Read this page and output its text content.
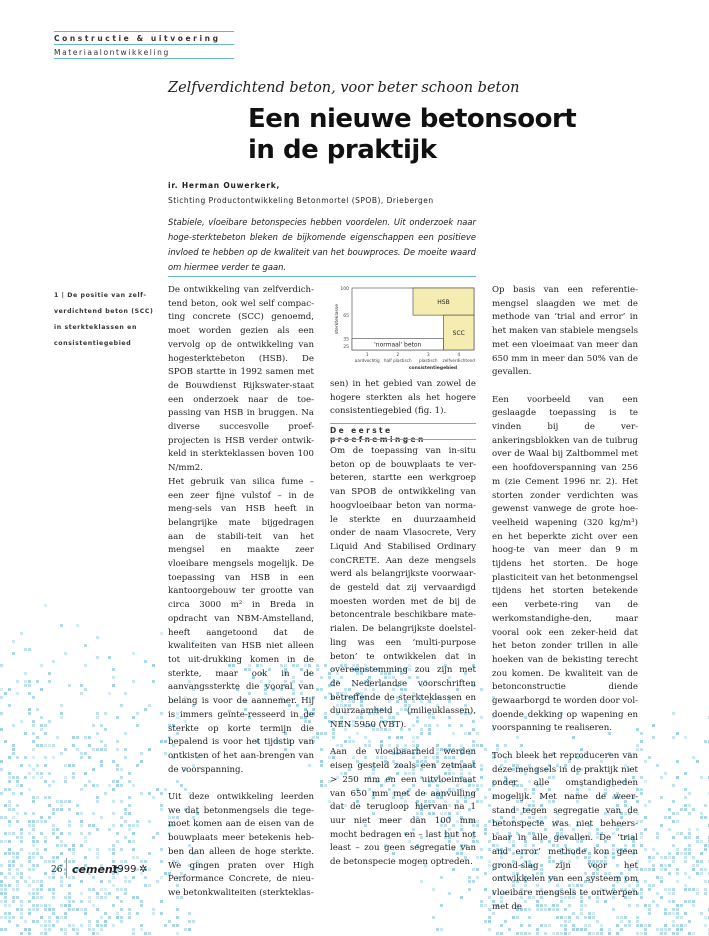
Constructie & uitvoering
Materiaalontwikkeling
Zelfverdichtend beton, voor beter schoon beton
Een nieuwe betonsoort
in de praktijk
ir. Herman Ouwerkerk,
Stichting Productontwikkeling Betonmortel (SPOB), Driebergen
Stabiele, vloeibare betonspecies hebben voordelen. Uit onderzoek naar hoge-sterktebeton bleken de bijkomende eigenschappen een positieve invloed te hebben op de kwaliteit van het bouwproces. De moeite waard om hiermee verder te gaan.
1 | De positie van zelf-verdichtend beton (SCC) in sterkteklassen en consistentiegebied

De ontwikkeling van zelfverdich-tend beton, ook wel self compac-ting concrete (SCC) genoemd, moet worden gezien als een vervolg op de ontwikkeling van hogesterktebeton (HSB). De SPOB startte in 1992 samen met de Bouwdienst Rijkswater-staat een onderzoek naar de toe-passing van HSB in bruggen. Na diverse succesvolle proef-projecten is HSB verder ontwik-keld in sterkteklassen boven 100 N/mm2.

Het gebruik van silica fume – een zeer fijne vulstof – in de meng-sels van HSB heeft in belangrijke mate bijgedragen aan de stabili-teit van het mengsel en maakte zeer vloeibare mengsels mogelijk. De toepassing van HSB in een kantoorgebouw ter grootte van circa 3000 m² in Breda in opdracht van NBM-Amstelland, heeft aangetoond dat de kwaliteiten van HSB niet alleen tot uit-drukking komen in de sterkte, maar ook in de aanvangssterkte die vooral van belang is voor de aannemer. Hij is immers geïnte-resseerd in de sterkte op korte termijn die bepalend is voor het tijdstip van ontkisten of het aan-brengen van de voorspanning.

Uit deze ontwikkeling leerden we dat betonmengsels die tege-moet komen aan de eisen van de bouwplaats meer betekenis heb-ben dan alleen de hoge sterkte. We gingen praten over High Performance Concrete, de nieu-we betonkwaliteiten (sterkteklas-

HSB
'normaal' beton
SCC
100
65
35
25
sterkteklasse
1	2	3	4
aardvochtig half plastisch plastisch zelfverdichtend
consistentiegebied

sen) in het gebied van zowel de hogere sterkten als het hogere consistentiegebied (fig. 1).

De eerste

Om de toepassing van in-situ beton op de bouwplaats te ver-beteren, startte een werkgroep van SPOB de ontwikkeling van hoogvloeibaar beton van norma-le sterkte en duurzaamheid onder de naam Vlasocrete, Very Liquid And Stabilised Ordinary conCRETE. Aan deze mengsels werd als belangrijkste voorwaar-de gesteld dat zij vervaardigd moesten worden met de bij de betoncentrale beschikbare mate-rialen. De belangrijkste doelstel-ling was een ‘multi-purpose beton’ te ontwikkelen dat in overeenstemming zou zijn met de Nederlandse voorschriften betreffende de sterkteklassen en duurzaamheid (milieuklassen), NEN 5950 (VBT).

Aan de vloeibaarheid werden eisen gesteld zoals een zetmaat > 250 mm en een uitvloeimaat van 650 mm met de aanvulling dat de terugloop hiervan na 1 uur niet meer dan 100 mm mocht bedragen en – last but not least – zou geen segregatie van de betonspecie mogen optreden.

Op basis van een referentie-mengsel slaagden we met de methode van ‘trial and error’ in het maken van stabiele mengsels met een vloeimaat van meer dan 650 mm in meer dan 50% van de gevallen.

Een voorbeeld van een geslaagde toepassing is te vinden bij de ver-ankeringsblokken van de tuibrug over de Waal bij Zaltbommel met een hoofdoverspanning van 256 m (zie Cement 1996 nr. 2). Het storten zonder verdichten was gewenst vanwege de grote hoe-veelheid wapening (320 kg/m³) en het beperkte zicht over een hoog-te van meer dan 9 m tijdens het storten. De hoge plasticiteit van het betonmengsel tijdens het storten betekende een verbete-ring van de werkomstandighe-den, maar vooral ook een zeker-heid dat het beton zonder trillen in alle hoeken van de bekisting terecht zou komen. De kwaliteit van de betonconstructie diende gewaarborgd te worden door vol-doende dekking op wapening en voorspanning te realiseren.

Toch bleek het reproduceren van deze mengsels in de praktijk niet onder alle omstandigheden mogelijk. Met name de weer-stand tegen segregatie van de betonspecie was niet beheers-baar in alle gevallen. De ‘trial and error’ methode kon geen grond-slag zijn voor het ontwikkelen van een systeem om vloeibare mengsels te ontwerpen met de

26 cement
1999 ✲
